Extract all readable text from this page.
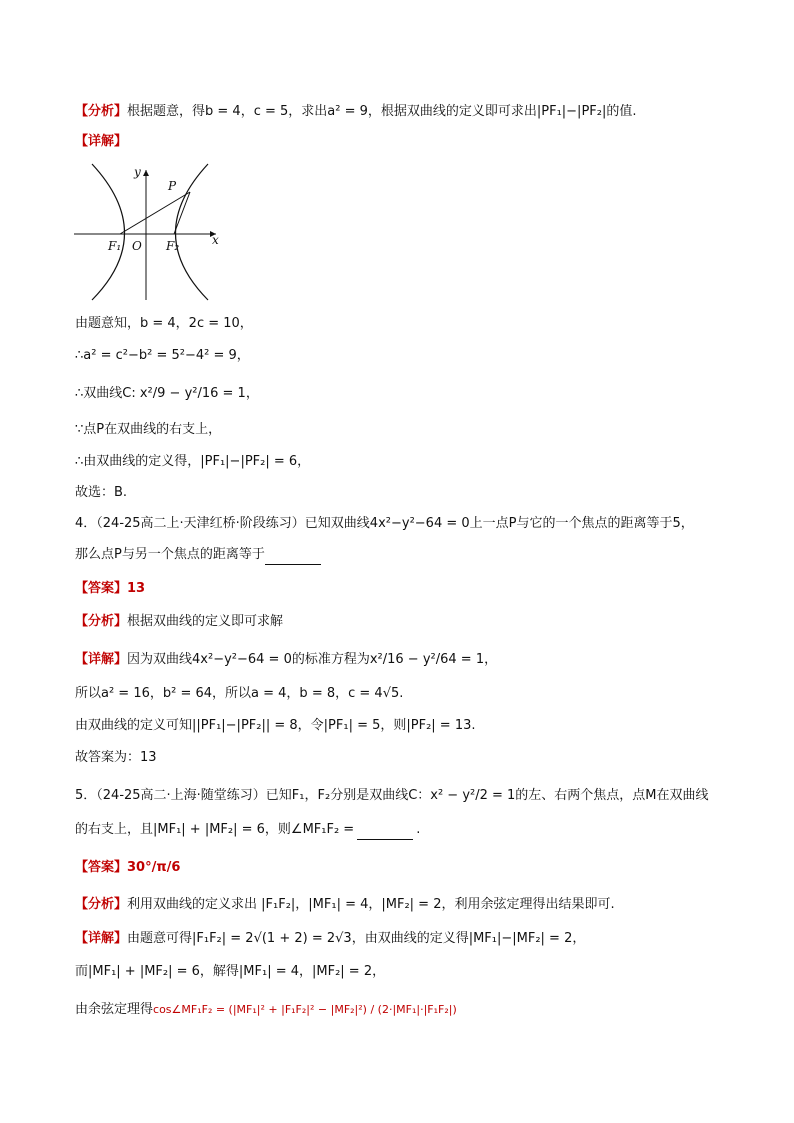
【分析】根据题意，得b = 4，c = 5，求出a² = 9，根据双曲线的定义即可求出|PF₁|−|PF₂|的值.
【详解】
y
x
P
F₁ O F₂
由题意知，b = 4，2c = 10，
∴a² = c²−b² = 5²−4² = 9，
∴双曲线C: x²/9 − y²/16 = 1，
∵点P在双曲线的右支上，
∴由双曲线的定义得，|PF₁|−|PF₂| = 6，
故选：B.
4．（24-25高二上·天津红桥·阶段练习）已知双曲线4x²−y²−64 = 0上一点P与它的一个焦点的距离等于5，
那么点P与另一个焦点的距离等于
【答案】13
【分析】根据双曲线的定义即可求解
【详解】因为双曲线4x²−y²−64 = 0的标准方程为x²/16 − y²/64 = 1，
所以a² = 16，b² = 64，所以a = 4，b = 8，c = 4√5.
由双曲线的定义可知||PF₁|−|PF₂|| = 8，令|PF₁| = 5，则|PF₂| = 13.
故答案为：13
5．（24-25高二·上海·随堂练习）已知F₁，F₂分别是双曲线C：x² − y²/2 = 1的左、右两个焦点，点M在双曲线
的右支上，且|MF₁| + |MF₂| = 6，则∠MF₁F₂ =	.
【答案】30°/π/6
【分析】利用双曲线的定义求出 |F₁F₂|，|MF₁| = 4，|MF₂| = 2，利用余弦定理得出结果即可.
【详解】由题意可得|F₁F₂| = 2√(1 + 2) = 2√3，由双曲线的定义得|MF₁|−|MF₂| = 2，
而|MF₁| + |MF₂| = 6，解得|MF₁| = 4，|MF₂| = 2，
由余弦定理得cos∠MF₁F₂ = (|MF₁|² + |F₁F₂|² − |MF₂|²) / (2·|MF₁|·|F₁F₂|)
